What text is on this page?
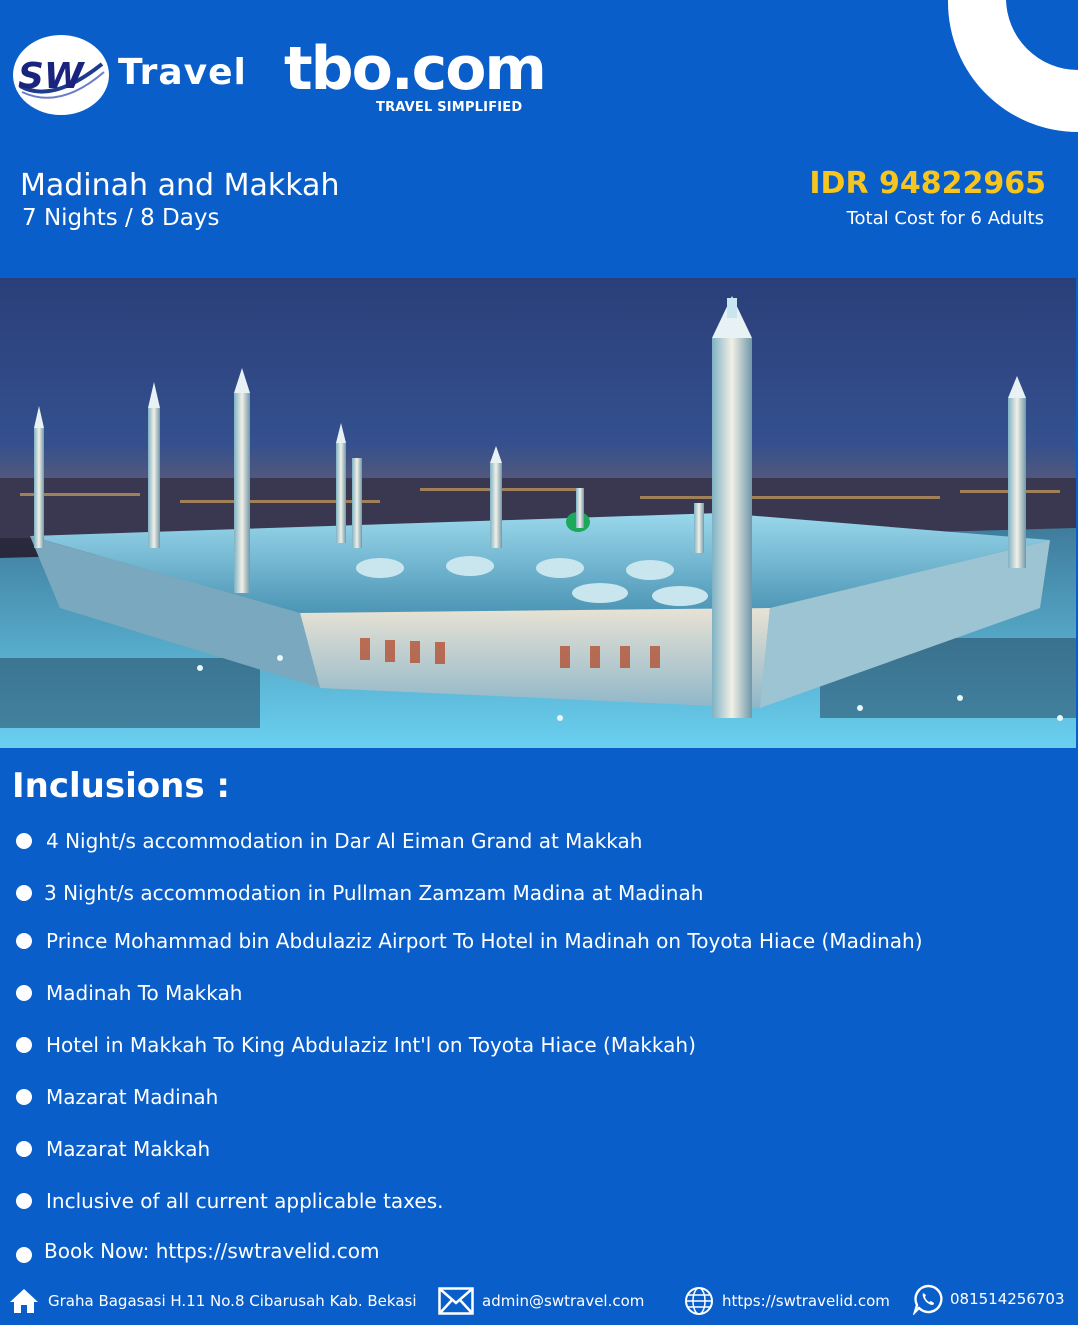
SW Travel tbo.com
TRAVEL SIMPLIFIED
Madinah and Makkah
7 Nights / 8 Days
IDR 94822965
Total Cost for 6 Adults
Inclusions :
4 Night/s accommodation in Dar Al Eiman Grand at Makkah
3 Night/s accommodation in Pullman Zamzam Madina at Madinah
Prince Mohammad bin Abdulaziz Airport To Hotel in Madinah on Toyota Hiace (Madinah)
Madinah To Makkah
Hotel in Makkah To King Abdulaziz Int'l on Toyota Hiace (Makkah)
Mazarat Madinah
Mazarat Makkah
Inclusive of all current applicable taxes.
Book Now: https://swtravelid.com
Graha Bagasasi H.11 No.8 Cibarusah Kab. Bekasi	admin@swtravel.com	https://swtravelid.com	081514256703
